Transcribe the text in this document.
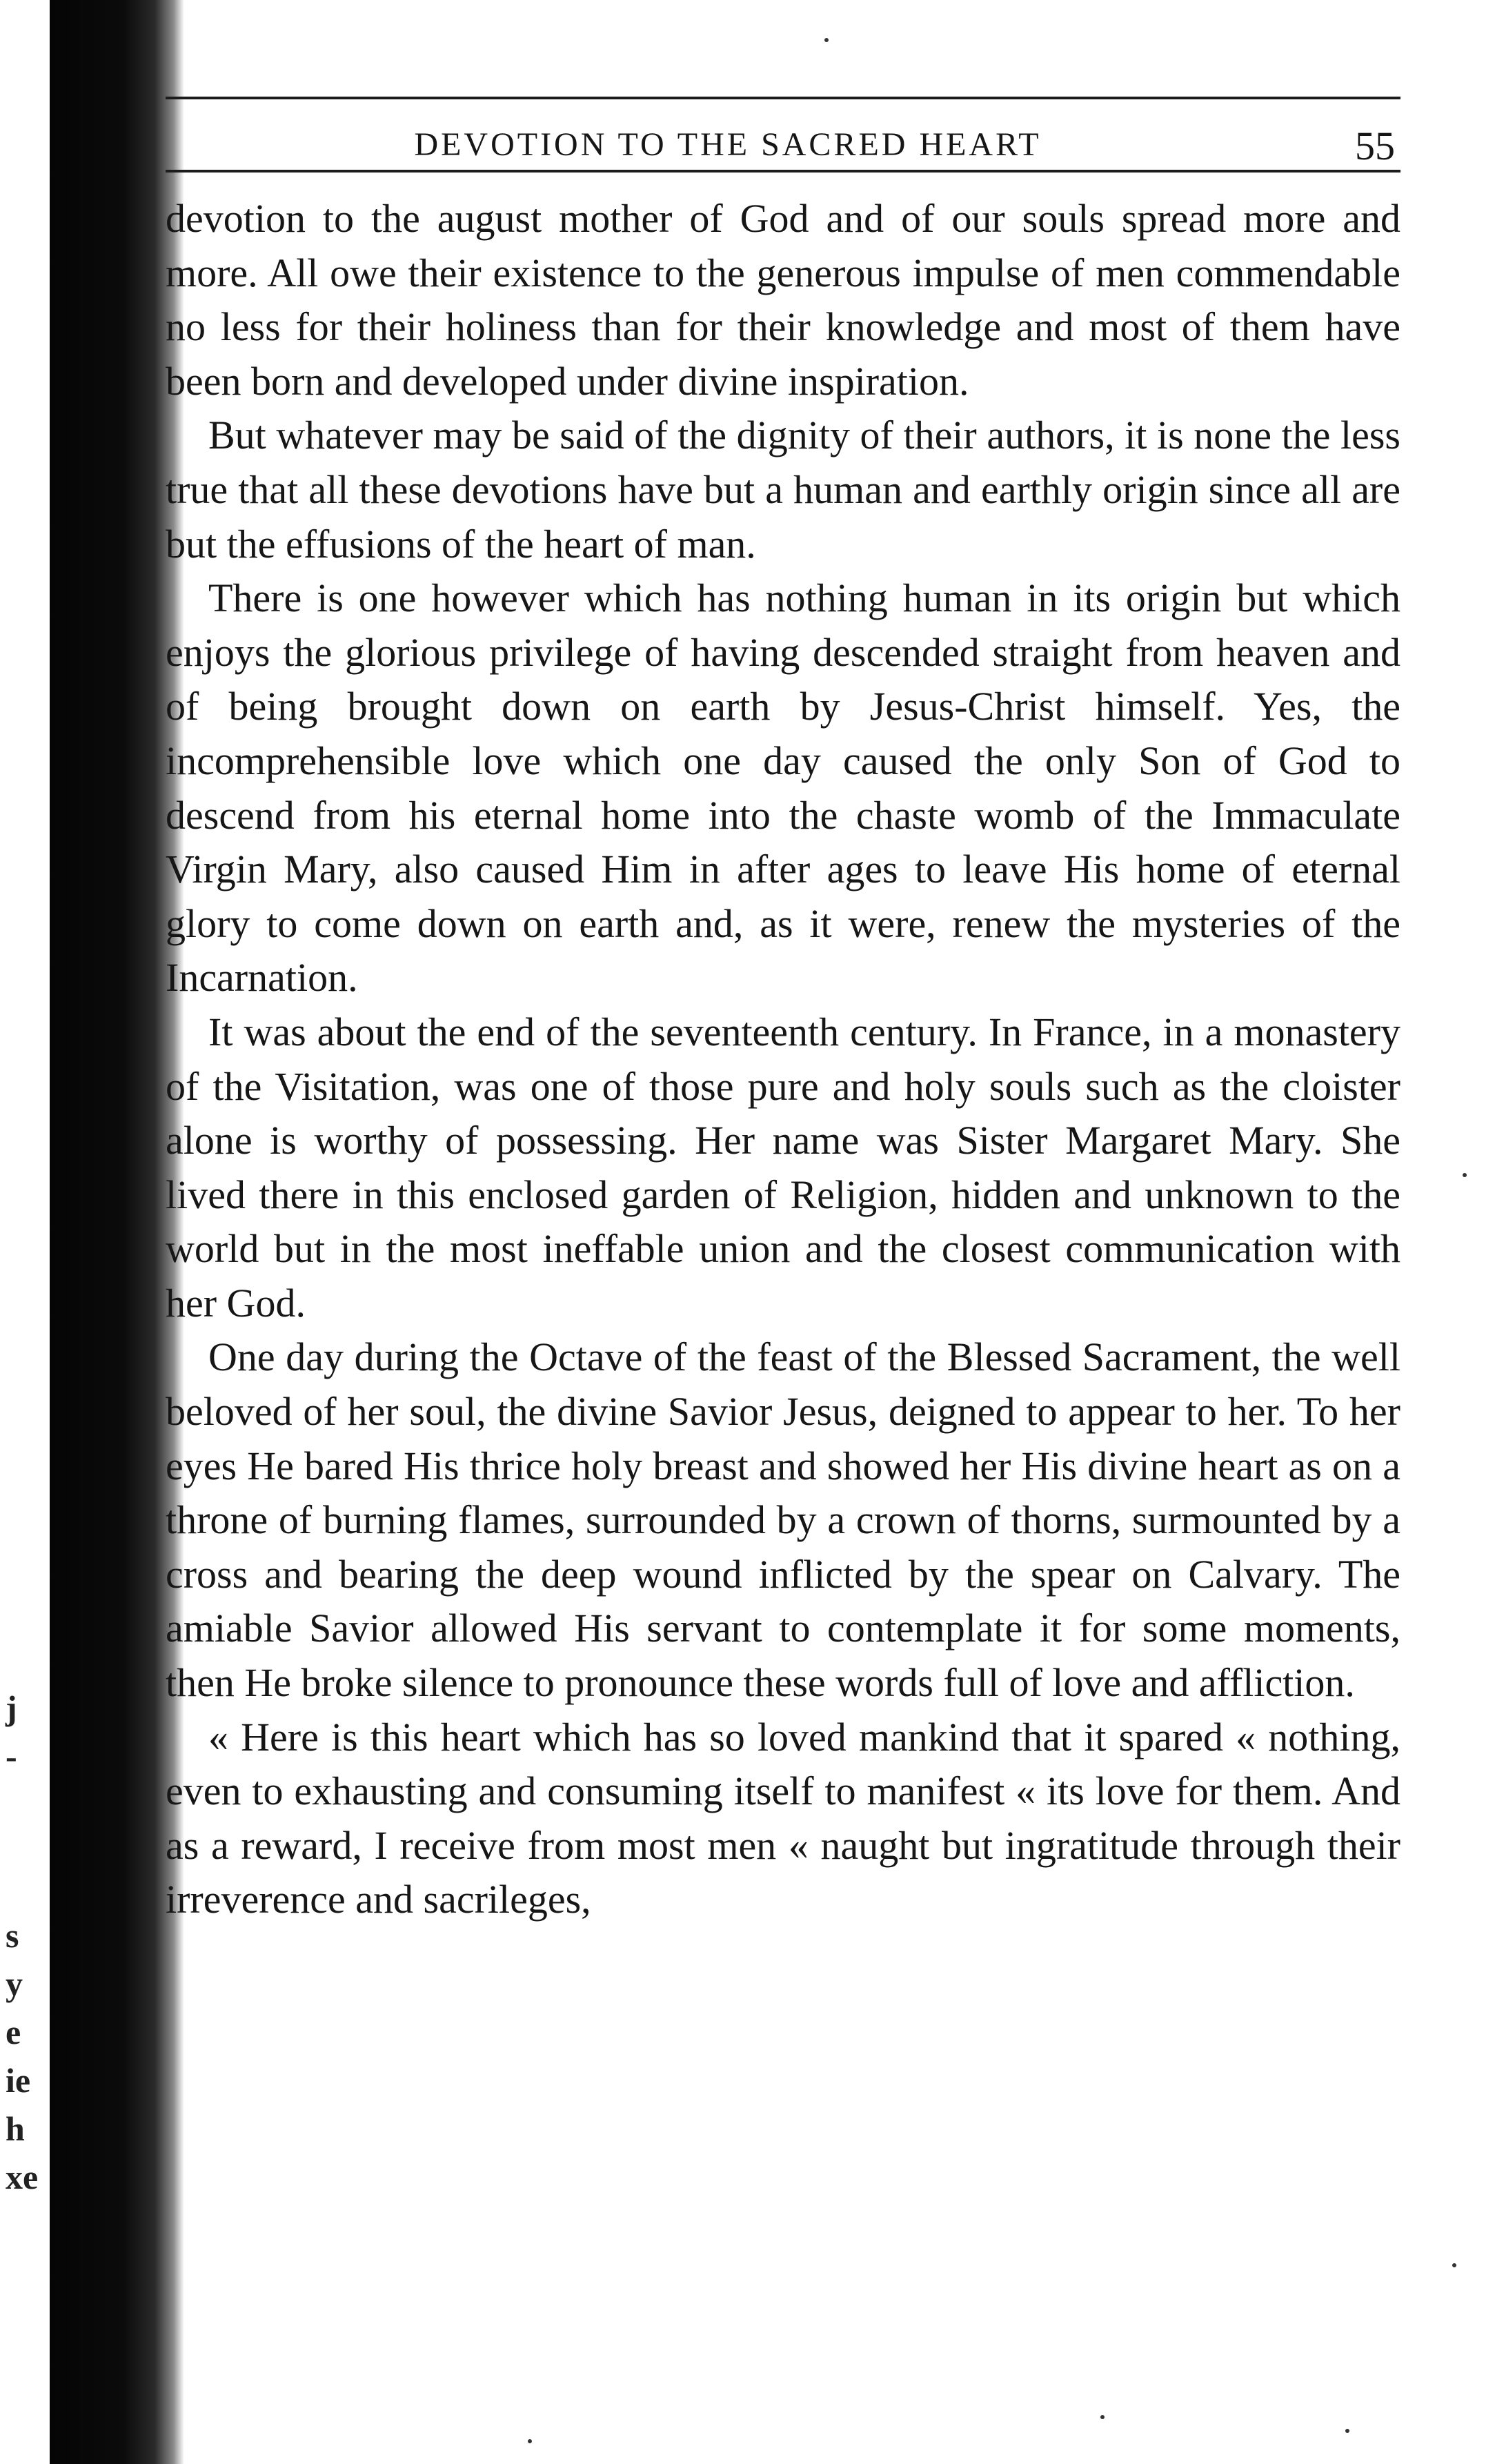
j
-
s
y
e
ie
h
xe
DEVOTION TO THE SACRED HEART	55

devotion to the august mother of God and of our souls spread more and more. All owe their existence to the generous impulse of men commendable no less for their holiness than for their knowledge and most of them have been born and developed under divine inspiration.

But whatever may be said of the dignity of their authors, it is none the less true that all these devotions have but a human and earthly origin since all are but the effusions of the heart of man.

There is one however which has nothing human in its origin but which enjoys the glorious privilege of having descended straight from heaven and of being brought down on earth by Jesus-Christ himself. Yes, the incomprehensible love which one day caused the only Son of God to descend from his eternal home into the chaste womb of the Immaculate Virgin Mary, also caused Him in after ages to leave His home of eternal glory to come down on earth and, as it were, renew the mysteries of the Incarnation.

It was about the end of the seventeenth century. In France, in a monastery of the Visitation, was one of those pure and holy souls such as the cloister alone is worthy of possessing. Her name was Sister Margaret Mary. She lived there in this enclosed garden of Religion, hidden and unknown to the world but in the most ineffable union and the closest communication with her God.

One day during the Octave of the feast of the Blessed Sacrament, the well beloved of her soul, the divine Savior Jesus, deigned to appear to her. To her eyes He bared His thrice holy breast and showed her His divine heart as on a throne of burning flames, surrounded by a crown of thorns, surmounted by a cross and bearing the deep wound inflicted by the spear on Calvary. The amiable Savior allowed His servant to contemplate it for some moments, then He broke silence to pronounce these words full of love and affliction.

« Here is this heart which has so loved mankind that it spared « nothing, even to exhausting and consuming itself to manifest « its love for them. And as a reward, I receive from most men « naught but ingratitude through their irreverence and sacrileges,
